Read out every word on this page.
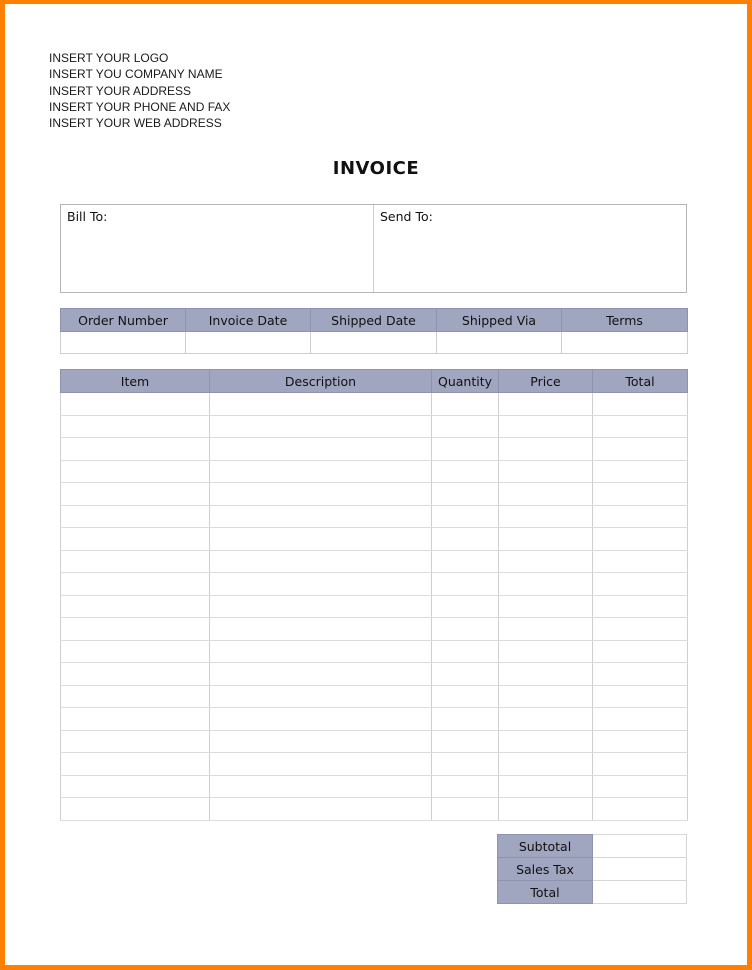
INSERT YOUR LOGO
INSERT YOU COMPANY NAME
INSERT YOUR ADDRESS
INSERT YOUR PHONE AND FAX
INSERT YOUR WEB ADDRESS
INVOICE
Bill To:	Send To:
Order Number	Invoice Date	Shipped Date	Shipped Via	Terms

Item	Description	Quantity	Price	Total

Subtotal	
Sales Tax	
Total	
